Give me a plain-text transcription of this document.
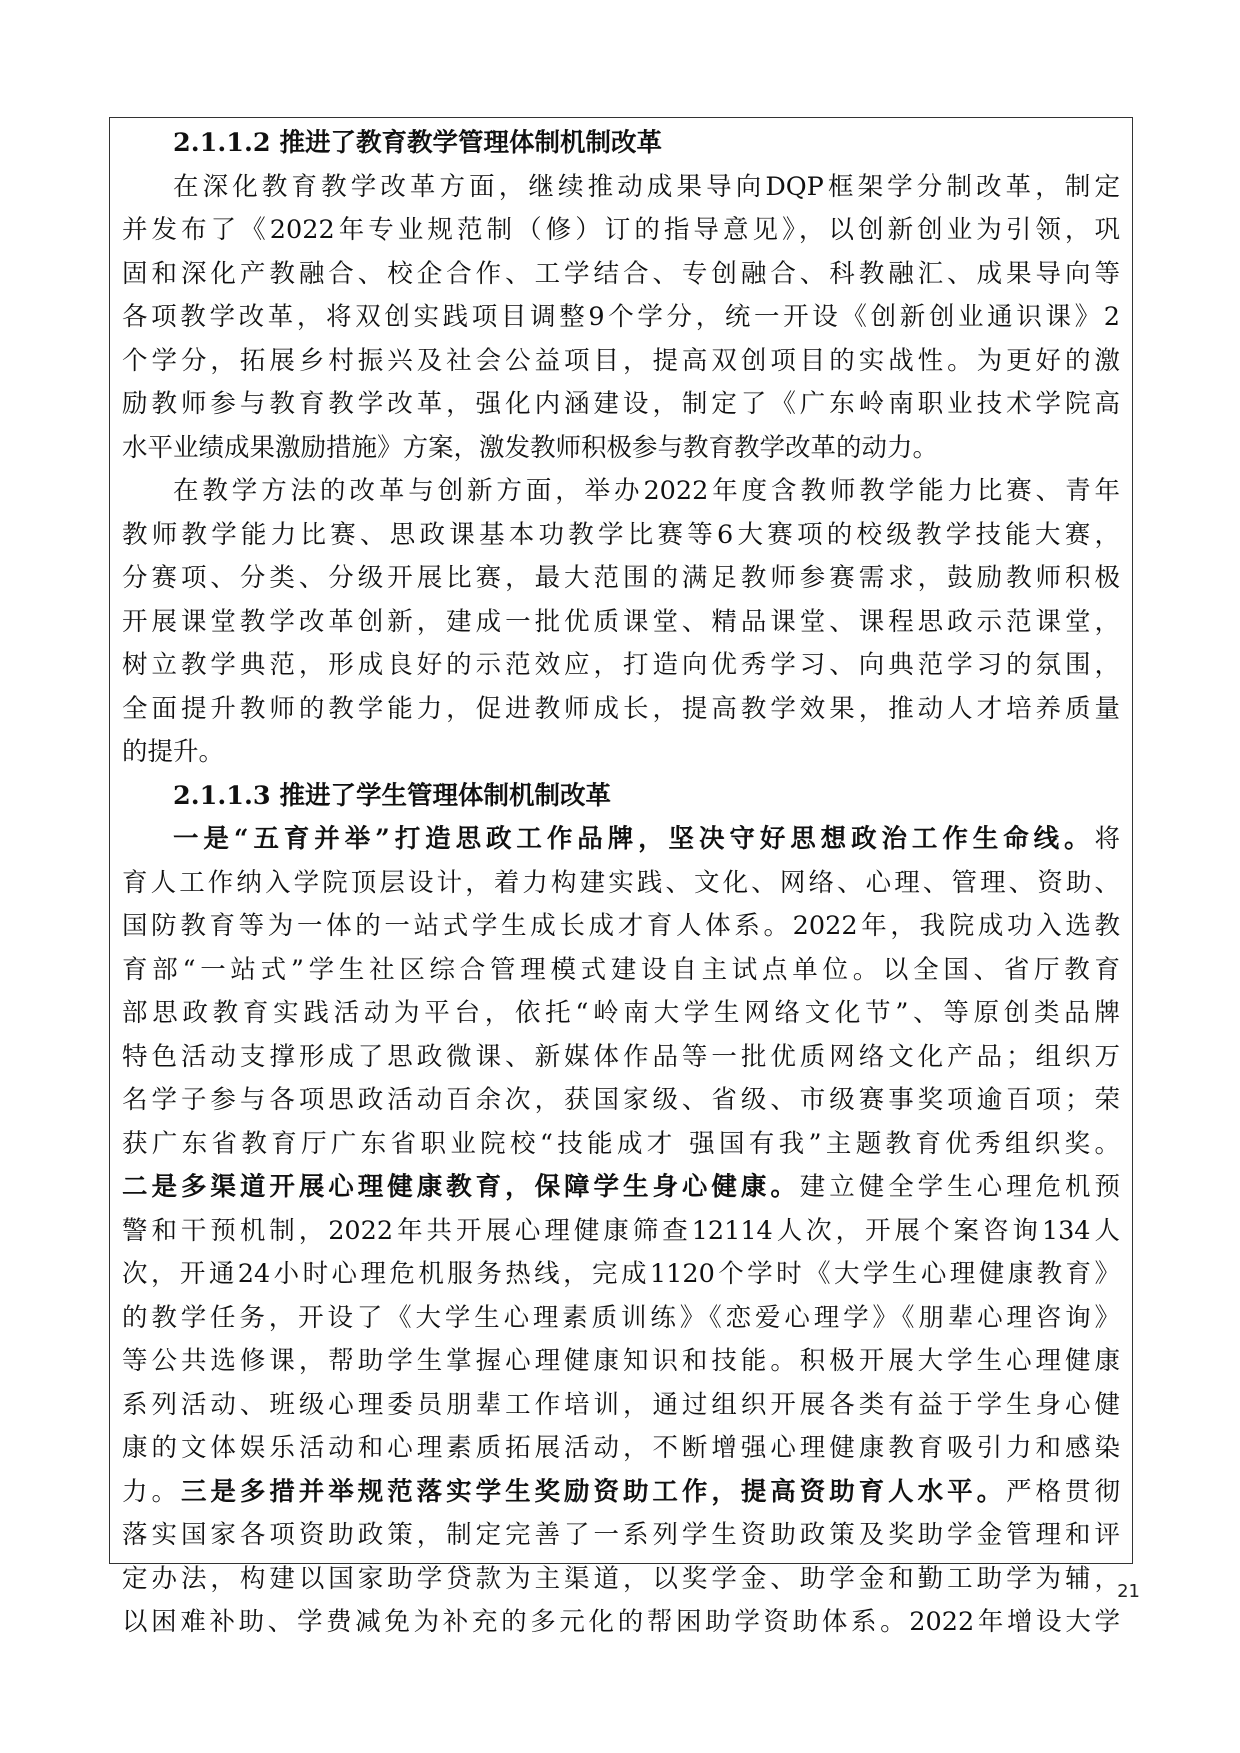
2.1.1.2 推进了教育教学管理体制机制改革
在深化教育教学改革方面，继续推动成果导向DQP框架学分制改革，制定
并发布了《2022年专业规范制（修）订的指导意见》，以创新创业为引领，巩
固和深化产教融合、校企合作、工学结合、专创融合、科教融汇、成果导向等
各项教学改革，将双创实践项目调整9个学分，统一开设《创新创业通识课》2
个学分，拓展乡村振兴及社会公益项目，提高双创项目的实战性。为更好的激
励教师参与教育教学改革，强化内涵建设，制定了《广东岭南职业技术学院高
水平业绩成果激励措施》方案，激发教师积极参与教育教学改革的动力。
在教学方法的改革与创新方面，举办2022年度含教师教学能力比赛、青年
教师教学能力比赛、思政课基本功教学比赛等6大赛项的校级教学技能大赛，
分赛项、分类、分级开展比赛，最大范围的满足教师参赛需求，鼓励教师积极
开展课堂教学改革创新，建成一批优质课堂、精品课堂、课程思政示范课堂，
树立教学典范，形成良好的示范效应，打造向优秀学习、向典范学习的氛围，
全面提升教师的教学能力，促进教师成长，提高教学效果，推动人才培养质量
的提升。
2.1.1.3 推进了学生管理体制机制改革
一是“五育并举”打造思政工作品牌，坚决守好思想政治工作生命线。将
育人工作纳入学院顶层设计，着力构建实践、文化、网络、心理、管理、资助、
国防教育等为一体的一站式学生成长成才育人体系。2022年，我院成功入选教
育部“一站式”学生社区综合管理模式建设自主试点单位。以全国、省厅教育
部思政教育实践活动为平台，依托“岭南大学生网络文化节”、等原创类品牌
特色活动支撑形成了思政微课、新媒体作品等一批优质网络文化产品；组织万
名学子参与各项思政活动百余次，获国家级、省级、市级赛事奖项逾百项；荣
获广东省教育厅广东省职业院校“技能成才 强国有我”主题教育优秀组织奖。
二是多渠道开展心理健康教育，保障学生身心健康。建立健全学生心理危机预
警和干预机制，2022年共开展心理健康筛查12114人次，开展个案咨询134人
次，开通24小时心理危机服务热线，完成1120个学时《大学生心理健康教育》
的教学任务，开设了《大学生心理素质训练》《恋爱心理学》《朋辈心理咨询》
等公共选修课，帮助学生掌握心理健康知识和技能。积极开展大学生心理健康
系列活动、班级心理委员朋辈工作培训，通过组织开展各类有益于学生身心健
康的文体娱乐活动和心理素质拓展活动，不断增强心理健康教育吸引力和感染
力。三是多措并举规范落实学生奖励资助工作，提高资助育人水平。严格贯彻
落实国家各项资助政策，制定完善了一系列学生资助政策及奖助学金管理和评
定办法，构建以国家助学贷款为主渠道，以奖学金、助学金和勤工助学为辅，
以困难补助、学费减免为补充的多元化的帮困助学资助体系。2022年增设大学
21
